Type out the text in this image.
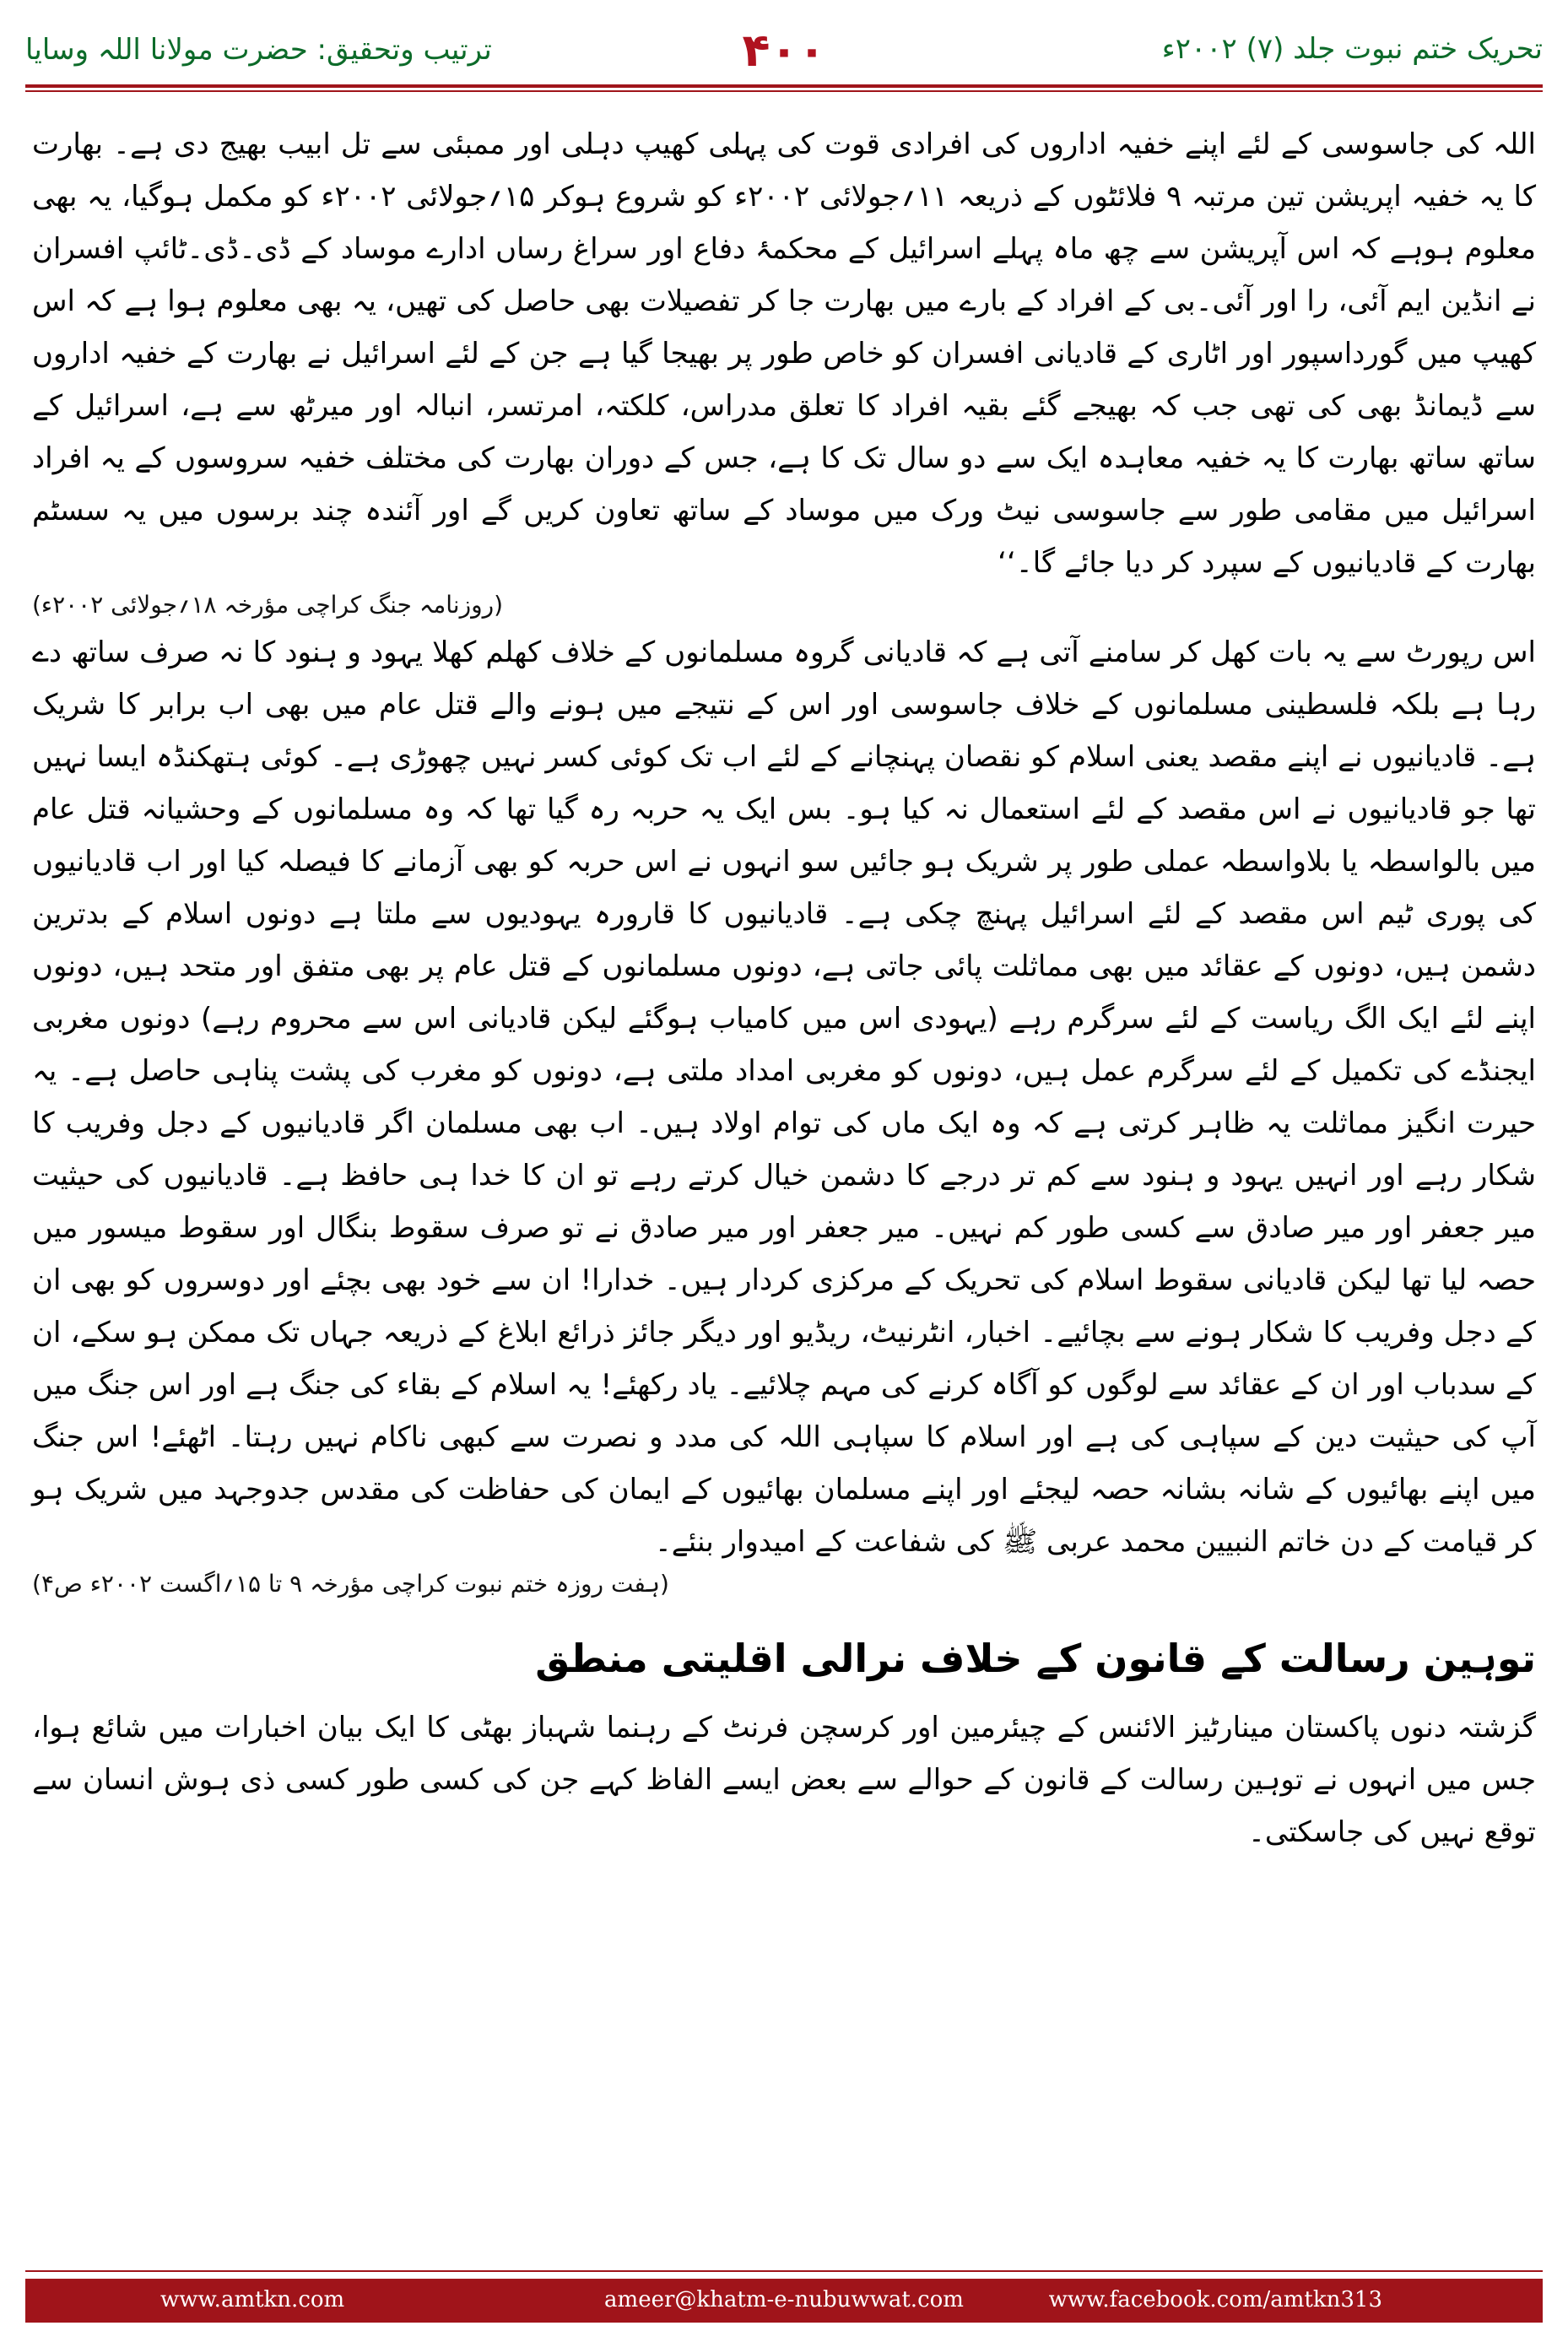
ترتیب وتحقیق: حضرت مولانا اللہ وسایا	۴۰۰	تحریک ختم نبوت جلد (۷) ۲۰۰۲ء

اللہ کی جاسوسی کے لئے اپنے خفیہ اداروں کی افرادی قوت کی پہلی کھیپ دہلی اور ممبئی سے تل ابیب بھیج دی ہے۔ بھارت کا یہ خفیہ اپریشن تین مرتبہ ۹ فلائٹوں کے ذریعہ ۱۱؍جولائی ۲۰۰۲ء کو شروع ہوکر ۱۵؍جولائی ۲۰۰۲ء کو مکمل ہوگیا، یہ بھی معلوم ہوہے کہ اس آپریشن سے چھ ماہ پہلے اسرائیل کے محکمۂ دفاع اور سراغ رساں ادارے موساد کے ڈی۔ڈی۔ٹائپ افسران نے انڈین ایم آئی، را اور آئی۔بی کے افراد کے بارے میں بھارت جا کر تفصیلات بھی حاصل کی تھیں، یہ بھی معلوم ہوا ہے کہ اس کھیپ میں گورداسپور اور اٹاری کے قادیانی افسران کو خاص طور پر بھیجا گیا ہے جن کے لئے اسرائیل نے بھارت کے خفیہ اداروں سے ڈیمانڈ بھی کی تھی جب کہ بھیجے گئے بقیہ افراد کا تعلق مدراس، کلکتہ، امرتسر، انبالہ اور میرٹھ سے ہے، اسرائیل کے ساتھ ساتھ بھارت کا یہ خفیہ معاہدہ ایک سے دو سال تک کا ہے، جس کے دوران بھارت کی مختلف خفیہ سروسوں کے یہ افراد اسرائیل میں مقامی طور سے جاسوسی نیٹ ورک میں موساد کے ساتھ تعاون کریں گے اور آئندہ چند برسوں میں یہ سسٹم بھارت کے قادیانیوں کے سپرد کر دیا جائے گا۔‘‘

(روزنامہ جنگ کراچی مؤرخہ ۱۸؍جولائی ۲۰۰۲ء)

اس رپورٹ سے یہ بات کھل کر سامنے آتی ہے کہ قادیانی گروہ مسلمانوں کے خلاف کھلم کھلا یہود و ہنود کا نہ صرف ساتھ دے رہا ہے بلکہ فلسطینی مسلمانوں کے خلاف جاسوسی اور اس کے نتیجے میں ہونے والے قتل عام میں بھی اب برابر کا شریک ہے۔ قادیانیوں نے اپنے مقصد یعنی اسلام کو نقصان پہنچانے کے لئے اب تک کوئی کسر نہیں چھوڑی ہے۔ کوئی ہتھکنڈہ ایسا نہیں تھا جو قادیانیوں نے اس مقصد کے لئے استعمال نہ کیا ہو۔ بس ایک یہ حربہ رہ گیا تھا کہ وہ مسلمانوں کے وحشیانہ قتل عام میں بالواسطہ یا بلاواسطہ عملی طور پر شریک ہو جائیں سو انہوں نے اس حربہ کو بھی آزمانے کا فیصلہ کیا اور اب قادیانیوں کی پوری ٹیم اس مقصد کے لئے اسرائیل پہنچ چکی ہے۔ قادیانیوں کا قارورہ یہودیوں سے ملتا ہے دونوں اسلام کے بدترین دشمن ہیں، دونوں کے عقائد میں بھی مماثلت پائی جاتی ہے، دونوں مسلمانوں کے قتل عام پر بھی متفق اور متحد ہیں، دونوں اپنے لئے ایک الگ ریاست کے لئے سرگرم رہے (یہودی اس میں کامیاب ہوگئے لیکن قادیانی اس سے محروم رہے) دونوں مغربی ایجنڈے کی تکمیل کے لئے سرگرم عمل ہیں، دونوں کو مغربی امداد ملتی ہے، دونوں کو مغرب کی پشت پناہی حاصل ہے۔ یہ حیرت انگیز مماثلت یہ ظاہر کرتی ہے کہ وہ ایک ماں کی توام اولاد ہیں۔ اب بھی مسلمان اگر قادیانیوں کے دجل وفریب کا شکار رہے اور انہیں یہود و ہنود سے کم تر درجے کا دشمن خیال کرتے رہے تو ان کا خدا ہی حافظ ہے۔ قادیانیوں کی حیثیت میر جعفر اور میر صادق سے کسی طور کم نہیں۔ میر جعفر اور میر صادق نے تو صرف سقوط بنگال اور سقوط میسور میں حصہ لیا تھا لیکن قادیانی سقوط اسلام کی تحریک کے مرکزی کردار ہیں۔ خدارا! ان سے خود بھی بچئے اور دوسروں کو بھی ان کے دجل وفریب کا شکار ہونے سے بچائیے۔ اخبار، انٹرنیٹ، ریڈیو اور دیگر جائز ذرائع ابلاغ کے ذریعہ جہاں تک ممکن ہو سکے، ان کے سدباب اور ان کے عقائد سے لوگوں کو آگاہ کرنے کی مہم چلائیے۔ یاد رکھئے! یہ اسلام کے بقاء کی جنگ ہے اور اس جنگ میں آپ کی حیثیت دین کے سپاہی کی ہے اور اسلام کا سپاہی اللہ کی مدد و نصرت سے کبھی ناکام نہیں رہتا۔ اٹھئے! اس جنگ میں اپنے بھائیوں کے شانہ بشانہ حصہ لیجئے اور اپنے مسلمان بھائیوں کے ایمان کی حفاظت کی مقدس جدوجہد میں شریک ہو کر قیامت کے دن خاتم النبیین محمد عربی ﷺ کی شفاعت کے امیدوار بنئے۔

(ہفت روزہ ختم نبوت کراچی مؤرخہ ۹ تا ۱۵؍اگست ۲۰۰۲ء ص۴)
توہین رسالت کے قانون کے خلاف نرالی اقلیتی منطق

گزشتہ دنوں پاکستان مینارٹیز الائنس کے چیئرمین اور کرسچن فرنٹ کے رہنما شہباز بھٹی کا ایک بیان اخبارات میں شائع ہوا، جس میں انہوں نے توہین رسالت کے قانون کے حوالے سے بعض ایسے الفاظ کہے جن کی کسی طور کسی ذی ہوش انسان سے توقع نہیں کی جاسکتی۔

www.amtkn.com	ameer@khatm-e-nubuwwat.com	www.facebook.com/amtkn313
